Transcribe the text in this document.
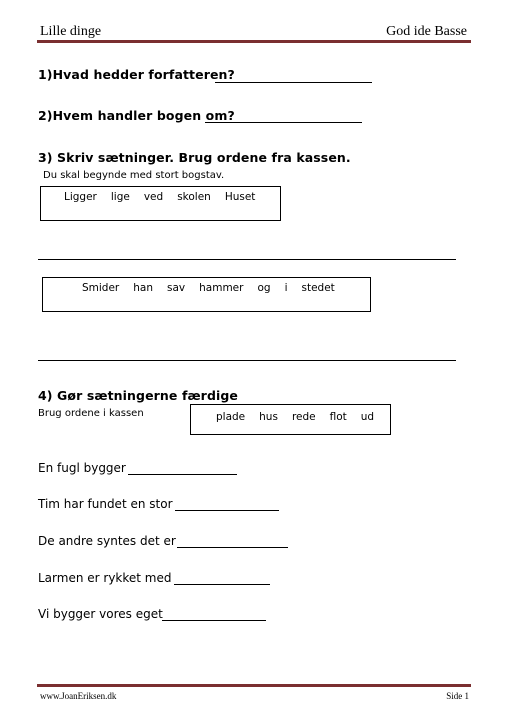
Lille dinge	God ide Basse
1)Hvad hedder forfatteren?
2)Hvem handler bogen om?
3) Skriv sætninger. Brug ordene fra kassen.
Du skal begynde med stort bogstav.
Ligger lige ved skolen Huset
Smider han sav hammer og i stedet
4) Gør sætningerne færdige
Brug ordene i kassen	plade hus rede flot ud
En fugl bygger
Tim har fundet en stor
De andre syntes det er
Larmen er rykket med
Vi bygger vores eget
www.JoanEriksen.dk	Side 1
